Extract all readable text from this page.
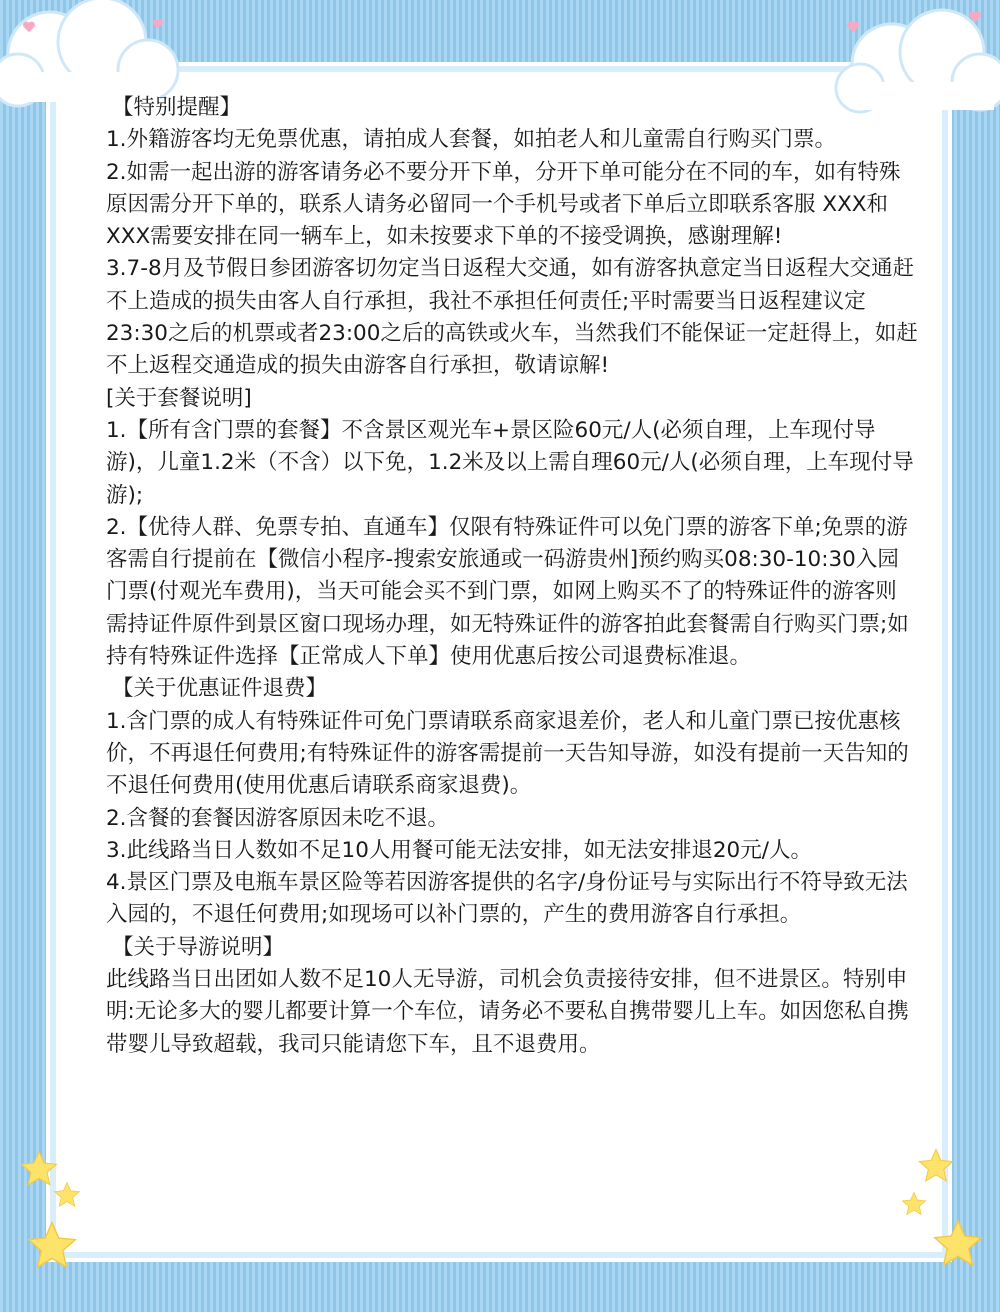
【特别提醒】

1.外籍游客均无免票优惠，请拍成人套餐，如拍老人和儿童需自行购买门票。

2.如需一起出游的游客请务必不要分开下单，分开下单可能分在不同的车，如有特殊原因需分开下单的，联系人请务必留同一个手机号或者下单后立即联系客服 XXX和XXX需要安排在同一辆车上，如未按要求下单的不接受调换，感谢理解!

3.7-8月及节假日参团游客切勿定当日返程大交通，如有游客执意定当日返程大交通赶不上造成的损失由客人自行承担，我社不承担任何责任;平时需要当日返程建议定23:30之后的机票或者23:00之后的高铁或火车，当然我们不能保证一定赶得上，如赶不上返程交通造成的损失由游客自行承担，敬请谅解!

[关于套餐说明]

1.【所有含门票的套餐】不含景区观光车+景区险60元/人(必须自理，上车现付导游)，儿童1.2米（不含）以下免，1.2米及以上需自理60元/人(必须自理，上车现付导游);

2.【优待人群、免票专拍、直通车】仅限有特殊证件可以免门票的游客下单;免票的游客需自行提前在【微信小程序-搜索安旅通或一码游贵州]预约购买08:30-10:30入园门票(付观光车费用)，当天可能会买不到门票，如网上购买不了的特殊证件的游客则需持证件原件到景区窗口现场办理，如无特殊证件的游客拍此套餐需自行购买门票;如持有特殊证件选择【正常成人下单】使用优惠后按公司退费标准退。

【关于优惠证件退费】

1.含门票的成人有特殊证件可免门票请联系商家退差价，老人和儿童门票已按优惠核价，不再退任何费用;有特殊证件的游客需提前一天告知导游，如没有提前一天告知的不退任何费用(使用优惠后请联系商家退费)。

2.含餐的套餐因游客原因未吃不退。

3.此线路当日人数如不足10人用餐可能无法安排，如无法安排退20元/人。

4.景区门票及电瓶车景区险等若因游客提供的名字/身份证号与实际出行不符导致无法入园的，不退任何费用;如现场可以补门票的，产生的费用游客自行承担。

【关于导游说明】

此线路当日出团如人数不足10人无导游，司机会负责接待安排，但不进景区。特别申明:无论多大的婴儿都要计算一个车位，请务必不要私自携带婴儿上车。如因您私自携带婴儿导致超载，我司只能请您下车，且不退费用。
